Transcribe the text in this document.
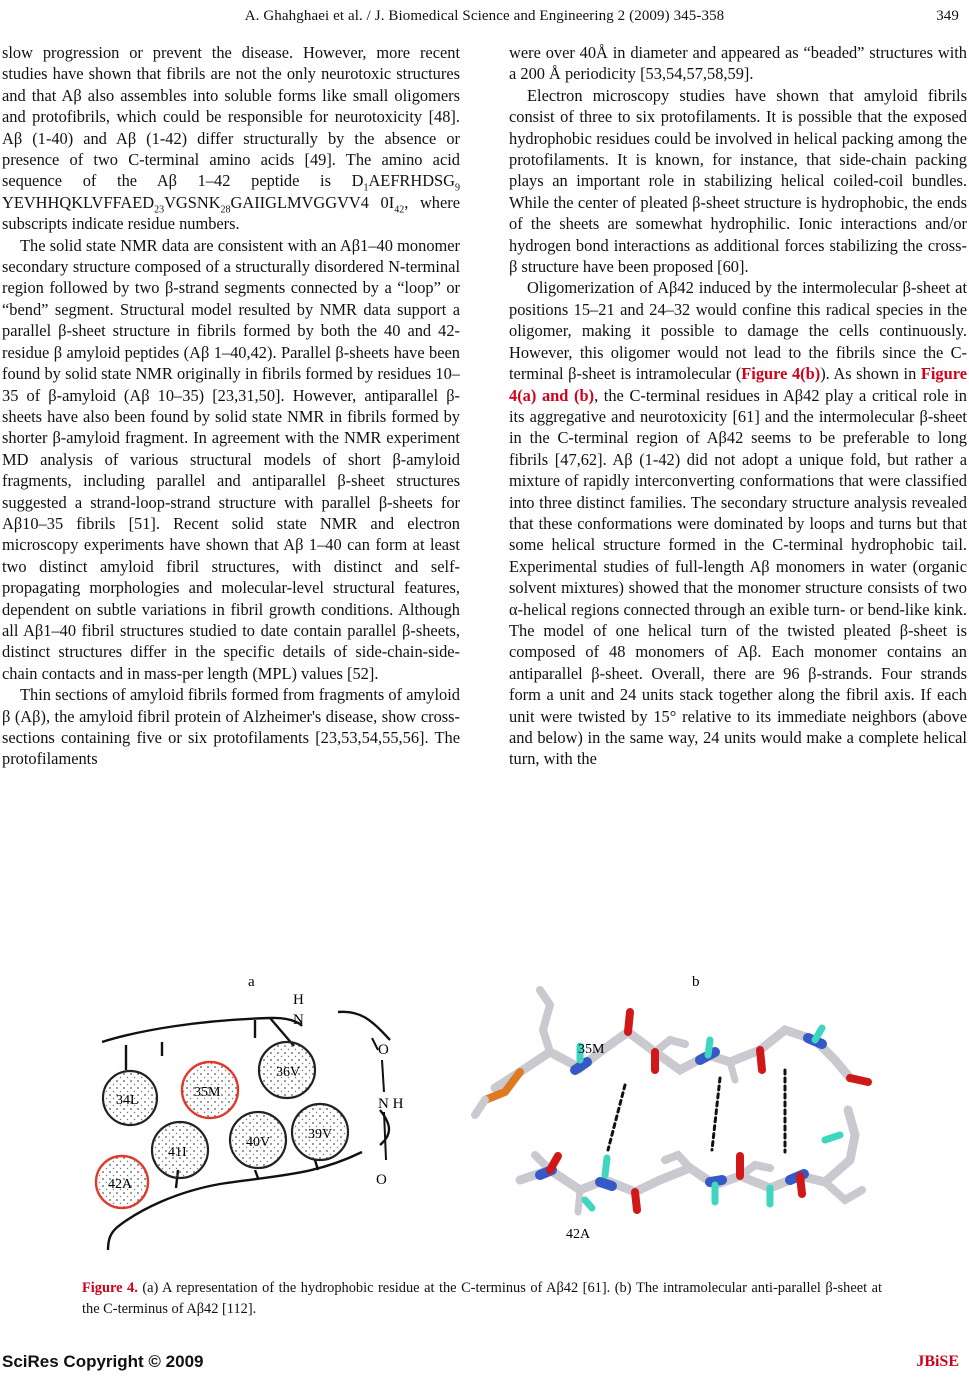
A. Ghahghaei et al. / J. Biomedical Science and Engineering 2 (2009) 345-358	349

slow progression or prevent the disease. However, more recent studies have shown that fibrils are not the only neurotoxic structures and that Aβ also assembles into soluble forms like small oligomers and protofibrils, which could be responsible for neurotoxicity [48]. Aβ (1-40) and Aβ (1-42) differ structurally by the absence or presence of two C-terminal amino acids [49]. The amino acid sequence of the Aβ 1–42 peptide is $D_1AEFRHDSG_9$ $YEVHHQKLVFFAED_{23}VGSNK_{28}GAIIGLMVGGVV4$ $0I_{42}$, where subscripts indicate residue numbers.

The solid state NMR data are consistent with an Aβ1–40 monomer secondary structure composed of a structurally disordered N-terminal region followed by two β-strand segments connected by a “loop” or “bend” segment. Structural model resulted by NMR data support a parallel β-sheet structure in fibrils formed by both the 40 and 42-residue β amyloid peptides (Aβ 1–40,42). Parallel β-sheets have been found by solid state NMR originally in fibrils formed by residues 10–35 of β-amyloid (Aβ 10–35) [23,31,50]. However, antiparallel β-sheets have also been found by solid state NMR in fibrils formed by shorter β-amyloid fragment. In agreement with the NMR experiment MD analysis of various structural models of short β-amyloid fragments, including parallel and antiparallel β-sheet structures suggested a strand-loop-strand structure with parallel β-sheets for Aβ10–35 fibrils [51]. Recent solid state NMR and electron microscopy experiments have shown that Aβ 1–40 can form at least two distinct amyloid fibril structures, with distinct and self-propagating morphologies and molecular-level structural features, dependent on subtle variations in fibril growth conditions. Although all Aβ1–40 fibril structures studied to date contain parallel β-sheets, distinct structures differ in the specific details of side-chain-side-chain contacts and in mass-per length (MPL) values [52].

Thin sections of amyloid fibrils formed from fragments of amyloid β (Aβ), the amyloid fibril protein of Alzheimer's disease, show cross-sections containing five or six protofilaments [23,53,54,55,56]. The protofilaments

were over 40Å in diameter and appeared as “beaded” structures with a 200 Å periodicity [53,54,57,58,59].

Electron microscopy studies have shown that amyloid fibrils consist of three to six protofilaments. It is possible that the exposed hydrophobic residues could be involved in helical packing among the protofilaments. It is known, for instance, that side-chain packing plays an important role in stabilizing helical coiled-coil bundles. While the center of pleated β-sheet structure is hydrophobic, the ends of the sheets are somewhat hydrophilic. Ionic interactions and/or hydrogen bond interactions as additional forces stabilizing the cross-β structure have been proposed [60].

Oligomerization of Aβ42 induced by the intermolecular β-sheet at positions 15–21 and 24–32 would confine this radical species in the oligomer, making it possible to damage the cells continuously. However, this oligomer would not lead to the fibrils since the C-terminal β-sheet is intramolecular (Figure 4(b)). As shown in Figure 4(a) and (b), the C-terminal residues in Aβ42 play a critical role in its aggregative and neurotoxicity [61] and the intermolecular β-sheet in the C-terminal region of Aβ42 seems to be preferable to long fibrils [47,62]. Aβ (1-42) did not adopt a unique fold, but rather a mixture of rapidly interconverting conformations that were classified into three distinct families. The secondary structure analysis revealed that these conformations were dominated by loops and turns but that some helical structure formed in the C-terminal hydrophobic tail. Experimental studies of full-length Aβ monomers in water (organic solvent mixtures) showed that the monomer structure consists of two α-helical regions connected through an exible turn- or bend-like kink. The model of one helical turn of the twisted pleated β-sheet is composed of 48 monomers of Aβ. Each monomer contains an antiparallel β-sheet. Overall, there are 96 β-strands. Four strands form a unit and 24 units stack together along the fibril axis. If each unit were twisted by 15° relative to its immediate neighbors (above and below) in the same way, 24 units would make a complete helical turn, with the

a	b
H
N
O
N H
O
34L
35M
36V
41I
40V
39V
42A
35M
42A
Figure 4. (a) A representation of the hydrophobic residue at the C-terminus of Aβ42 [61]. (b) The intramolecular anti-parallel β-sheet at the C-terminus of Aβ42 [112].
SciRes Copyright © 2009	JBiSE
